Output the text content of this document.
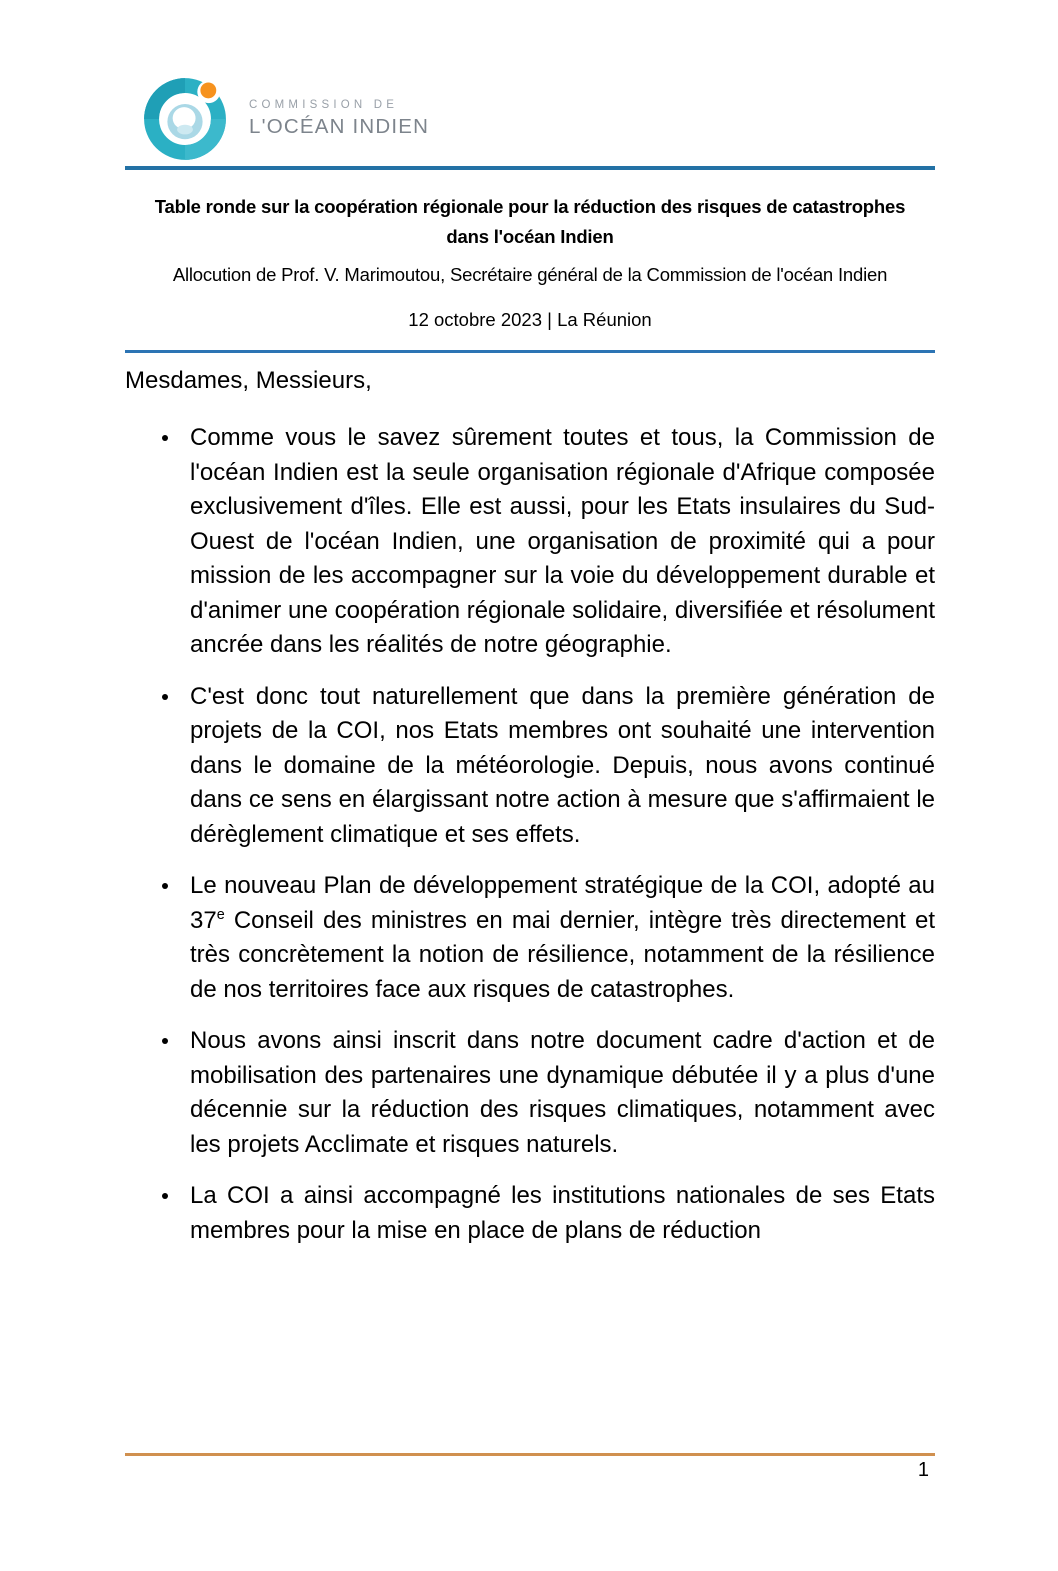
COMMISSION DE
L'OCÉAN INDIEN
Table ronde sur la coopération régionale pour la réduction des risques de catastrophes
dans l'océan Indien
Allocution de Prof. V. Marimoutou, Secrétaire général de la Commission de l'océan Indien
12 octobre 2023 | La Réunion
Mesdames, Messieurs,

Comme vous le savez sûrement toutes et tous, la Commission de l'océan Indien est la seule organisation régionale d'Afrique composée exclusivement d'îles. Elle est aussi, pour les Etats insulaires du Sud-Ouest de l'océan Indien, une organisation de proximité qui a pour mission de les accompagner sur la voie du développement durable et d'animer une coopération régionale solidaire, diversifiée et résolument ancrée dans les réalités de notre géographie.

C'est donc tout naturellement que dans la première génération de projets de la COI, nos Etats membres ont souhaité une intervention dans le domaine de la météorologie. Depuis, nous avons continué dans ce sens en élargissant notre action à mesure que s'affirmaient le dérèglement climatique et ses effets.

Le nouveau Plan de développement stratégique de la COI, adopté au 37e Conseil des ministres en mai dernier, intègre très directement et très concrètement la notion de résilience, notamment de la résilience de nos territoires face aux risques de catastrophes.

Nous avons ainsi inscrit dans notre document cadre d'action et de mobilisation des partenaires une dynamique débutée il y a plus d'une décennie sur la réduction des risques climatiques, notamment avec les projets Acclimate et risques naturels.

La COI a ainsi accompagné les institutions nationales de ses Etats membres pour la mise en place de plans de réduction

1
